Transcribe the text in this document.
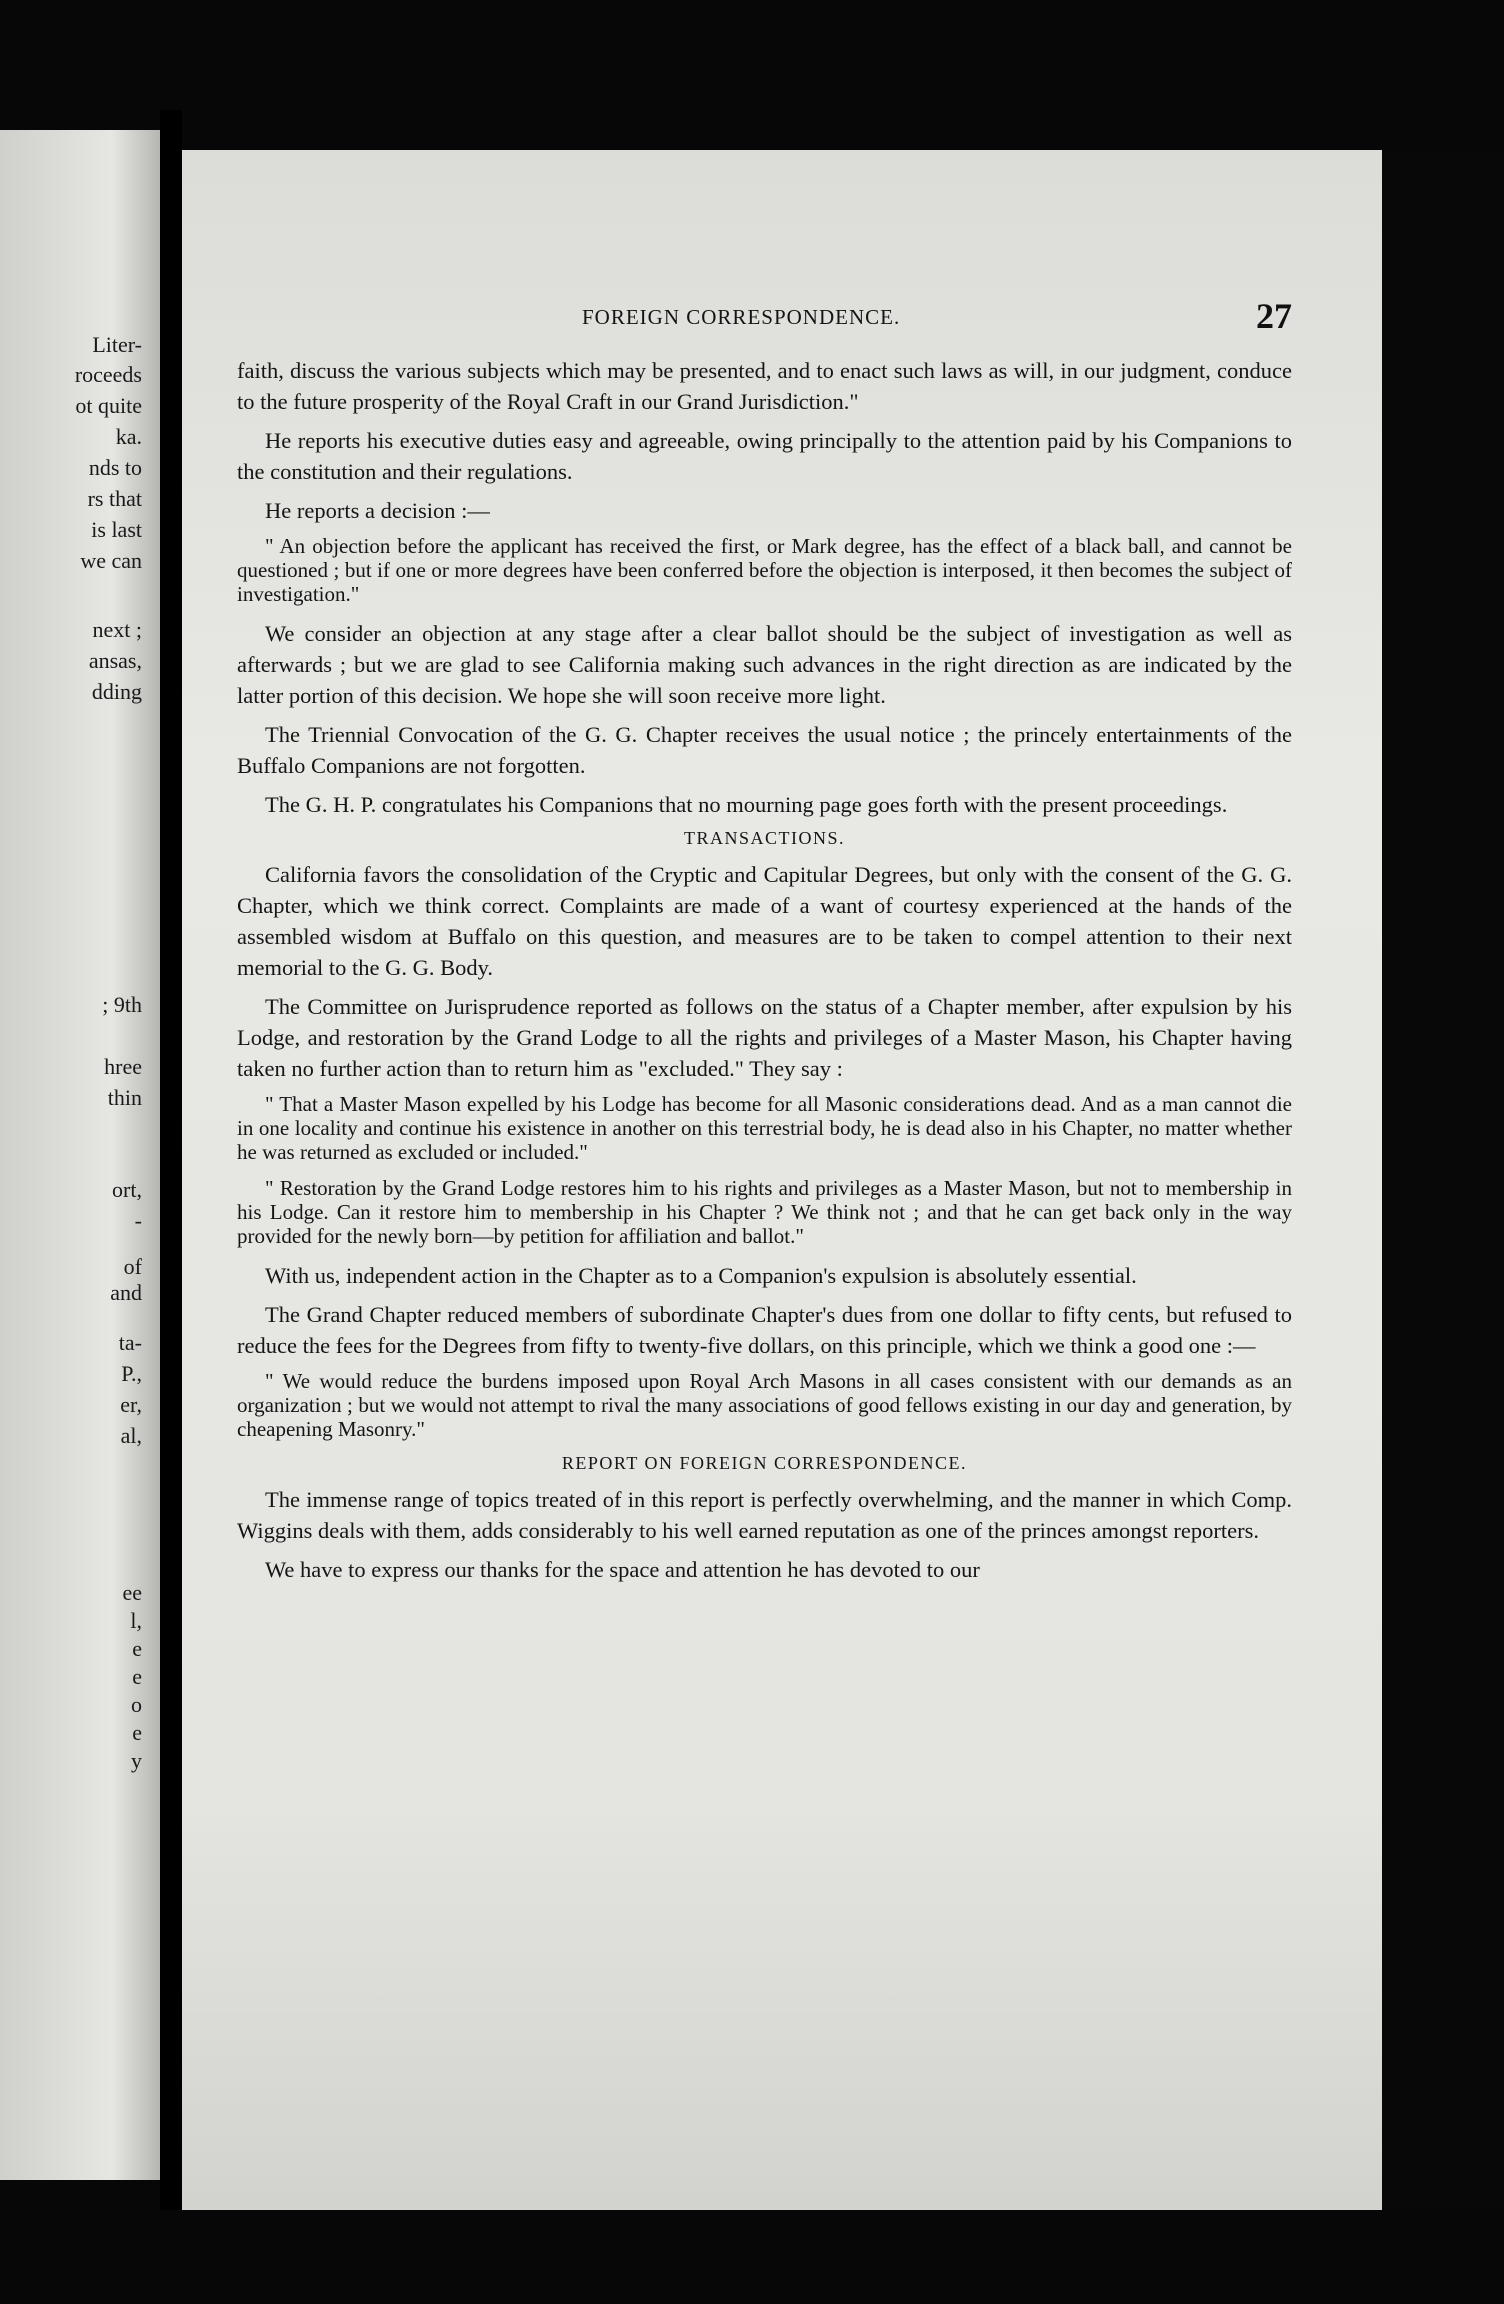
Liter-
roceeds
ot quite
ka.
nds to
rs that
is last
we can
next ;
ansas,
dding
; 9th
hree
thin
ort,
-
of
and
ta-
P.,
er,
al,
ee
l,
e
e
o
e
y
FOREIGN CORRESPONDENCE.	27

faith, discuss the various subjects which may be presented, and to enact such laws as will, in our judgment, conduce to the future prosperity of the Royal Craft in our Grand Jurisdiction."

He reports his executive duties easy and agreeable, owing principally to the attention paid by his Companions to the constitution and their regulations.

He reports a decision :—

" An objection before the applicant has received the first, or Mark degree, has the effect of a black ball, and cannot be questioned ; but if one or more degrees have been conferred before the objection is interposed, it then becomes the subject of investigation."

We consider an objection at any stage after a clear ballot should be the subject of investigation as well as afterwards ; but we are glad to see California making such advances in the right direction as are indicated by the latter portion of this decision. We hope she will soon receive more light.

The Triennial Convocation of the G. G. Chapter receives the usual notice ; the princely entertainments of the Buffalo Companions are not forgotten.

The G. H. P. congratulates his Companions that no mourning page goes forth with the present proceedings.

TRANSACTIONS.

California favors the consolidation of the Cryptic and Capitular Degrees, but only with the consent of the G. G. Chapter, which we think correct. Complaints are made of a want of courtesy experienced at the hands of the assembled wisdom at Buffalo on this question, and measures are to be taken to compel attention to their next memorial to the G. G. Body.

The Committee on Jurisprudence reported as follows on the status of a Chapter member, after expulsion by his Lodge, and restoration by the Grand Lodge to all the rights and privileges of a Master Mason, his Chapter having taken no further action than to return him as "excluded." They say :

" That a Master Mason expelled by his Lodge has become for all Masonic considerations dead. And as a man cannot die in one locality and continue his existence in another on this terrestrial body, he is dead also in his Chapter, no matter whether he was returned as excluded or included."

" Restoration by the Grand Lodge restores him to his rights and privileges as a Master Mason, but not to membership in his Lodge. Can it restore him to membership in his Chapter ? We think not ; and that he can get back only in the way provided for the newly born—by petition for affiliation and ballot."

With us, independent action in the Chapter as to a Companion's expulsion is absolutely essential.

The Grand Chapter reduced members of subordinate Chapter's dues from one dollar to fifty cents, but refused to reduce the fees for the Degrees from fifty to twenty-five dollars, on this principle, which we think a good one :—

" We would reduce the burdens imposed upon Royal Arch Masons in all cases consistent with our demands as an organization ; but we would not attempt to rival the many associations of good fellows existing in our day and generation, by cheapening Masonry."

REPORT ON FOREIGN CORRESPONDENCE.

The immense range of topics treated of in this report is perfectly overwhelming, and the manner in which Comp. Wiggins deals with them, adds considerably to his well earned reputation as one of the princes amongst reporters.

We have to express our thanks for the space and attention he has devoted to our
